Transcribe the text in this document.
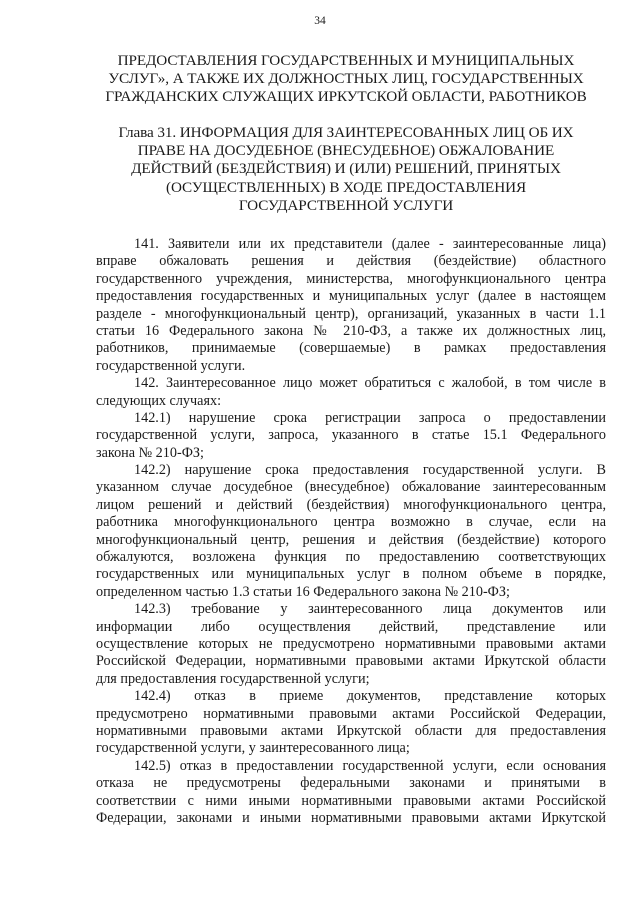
34
ПРЕДОСТАВЛЕНИЯ ГОСУДАРСТВЕННЫХ И МУНИЦИПАЛЬНЫХ
УСЛУГ», А ТАКЖЕ ИХ ДОЛЖНОСТНЫХ ЛИЦ, ГОСУДАРСТВЕННЫХ
ГРАЖДАНСКИХ СЛУЖАЩИХ ИРКУТСКОЙ ОБЛАСТИ, РАБОТНИКОВ
Глава 31. ИНФОРМАЦИЯ ДЛЯ ЗАИНТЕРЕСОВАННЫХ ЛИЦ ОБ ИХ
ПРАВЕ НА ДОСУДЕБНОЕ (ВНЕСУДЕБНОЕ) ОБЖАЛОВАНИЕ
ДЕЙСТВИЙ (БЕЗДЕЙСТВИЯ) И (ИЛИ) РЕШЕНИЙ, ПРИНЯТЫХ
(ОСУЩЕСТВЛЕННЫХ) В ХОДЕ ПРЕДОСТАВЛЕНИЯ
ГОСУДАРСТВЕННОЙ УСЛУГИ
141. Заявители или их представители (далее - заинтересованные лица)
вправе обжаловать решения и действия (бездействие) областного
государственного учреждения, министерства, многофункционального центра
предоставления государственных и муниципальных услуг (далее в настоящем
разделе - многофункциональный центр), организаций, указанных в части 1.1
статьи 16 Федерального закона № 210-ФЗ, а также их должностных лиц,
работников, принимаемые (совершаемые) в рамках предоставления
государственной услуги.
142. Заинтересованное лицо может обратиться с жалобой, в том числе в
следующих случаях:
142.1) нарушение срока регистрации запроса о предоставлении
государственной услуги, запроса, указанного в статье 15.1 Федерального
закона № 210-ФЗ;
142.2) нарушение срока предоставления государственной услуги. В
указанном случае досудебное (внесудебное) обжалование заинтересованным
лицом решений и действий (бездействия) многофункционального центра,
работника многофункционального центра возможно в случае, если на
многофункциональный центр, решения и действия (бездействие) которого
обжалуются, возложена функция по предоставлению соответствующих
государственных или муниципальных услуг в полном объеме в порядке,
определенном частью 1.3 статьи 16 Федерального закона № 210-ФЗ;
142.3) требование у заинтересованного лица документов или
информации либо осуществления действий, представление или
осуществление которых не предусмотрено нормативными правовыми актами
Российской Федерации, нормативными правовыми актами Иркутской области
для предоставления государственной услуги;
142.4) отказ в приеме документов, представление которых
предусмотрено нормативными правовыми актами Российской Федерации,
нормативными правовыми актами Иркутской области для предоставления
государственной услуги, у заинтересованного лица;
142.5) отказ в предоставлении государственной услуги, если основания
отказа не предусмотрены федеральными законами и принятыми в
соответствии с ними иными нормативными правовыми актами Российской
Федерации, законами и иными нормативными правовыми актами Иркутской
